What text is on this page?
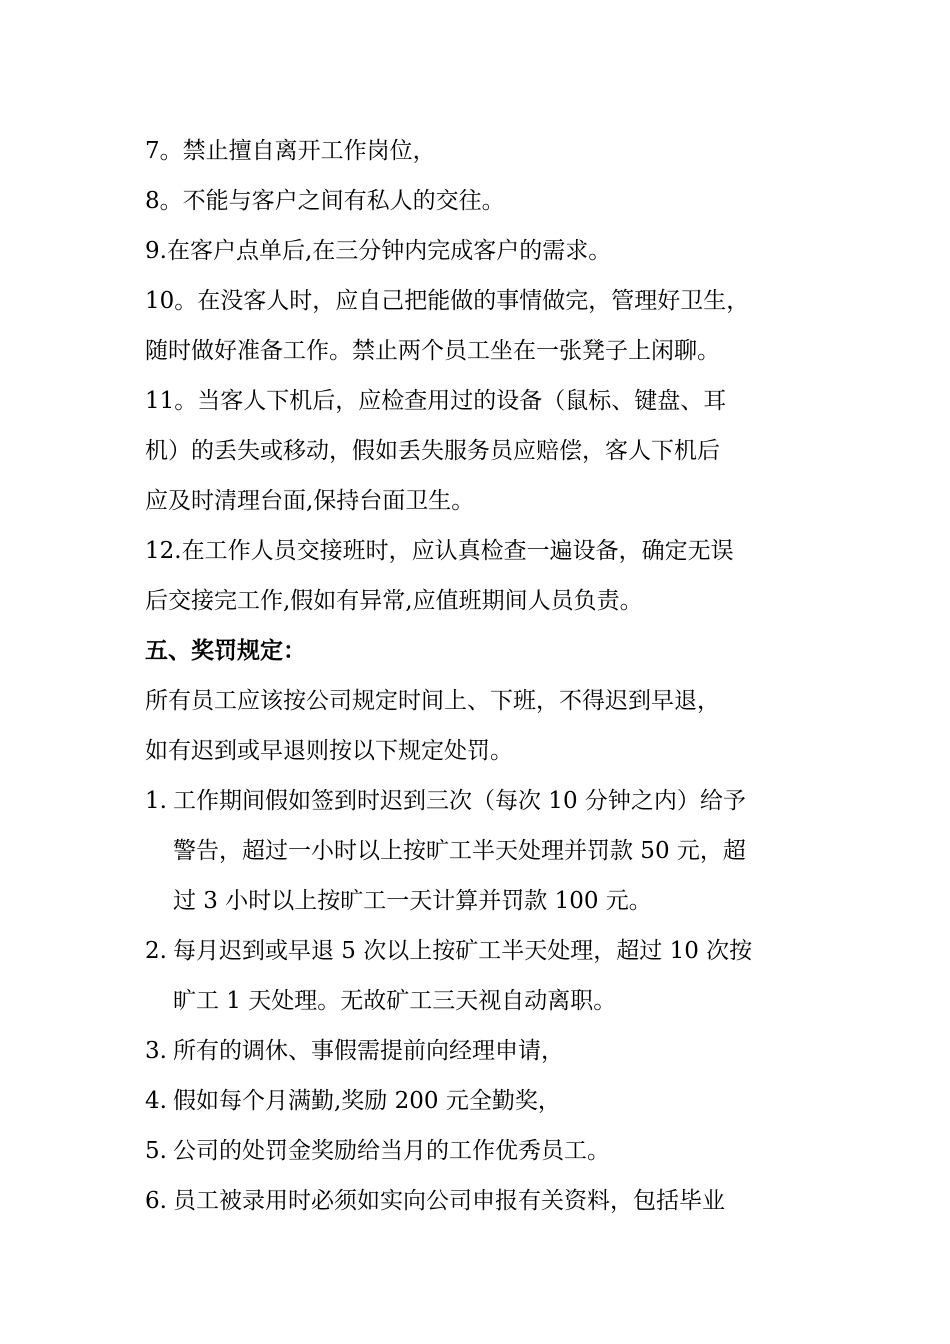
7。禁止擅自离开工作岗位，

8。不能与客户之间有私人的交往。

9.在客户点单后,在三分钟内完成客户的需求。

10。在没客人时，应自己把能做的事情做完，管理好卫生，

随时做好准备工作。禁止两个员工坐在一张凳子上闲聊。

11。当客人下机后，应检查用过的设备（鼠标、键盘、耳

机）的丢失或移动，假如丢失服务员应赔偿，客人下机后

应及时清理台面,保持台面卫生。

12.在工作人员交接班时，应认真检查一遍设备，确定无误

后交接完工作,假如有异常,应值班期间人员负责。

五、奖罚规定：

所有员工应该按公司规定时间上、下班，不得迟到早退，

如有迟到或早退则按以下规定处罚。

1. 工作期间假如签到时迟到三次（每次 10 分钟之内）给予
警告，超过一小时以上按旷工半天处理并罚款 50 元，超
过 3 小时以上按旷工一天计算并罚款 100 元。
2. 每月迟到或早退 5 次以上按矿工半天处理，超过 10 次按
旷工 1 天处理。无故矿工三天视自动离职。
3. 所有的调休、事假需提前向经理申请，
4. 假如每个月满勤,奖励 200 元全勤奖，
5. 公司的处罚金奖励给当月的工作优秀员工。
6. 员工被录用时必须如实向公司申报有关资料，包括毕业
